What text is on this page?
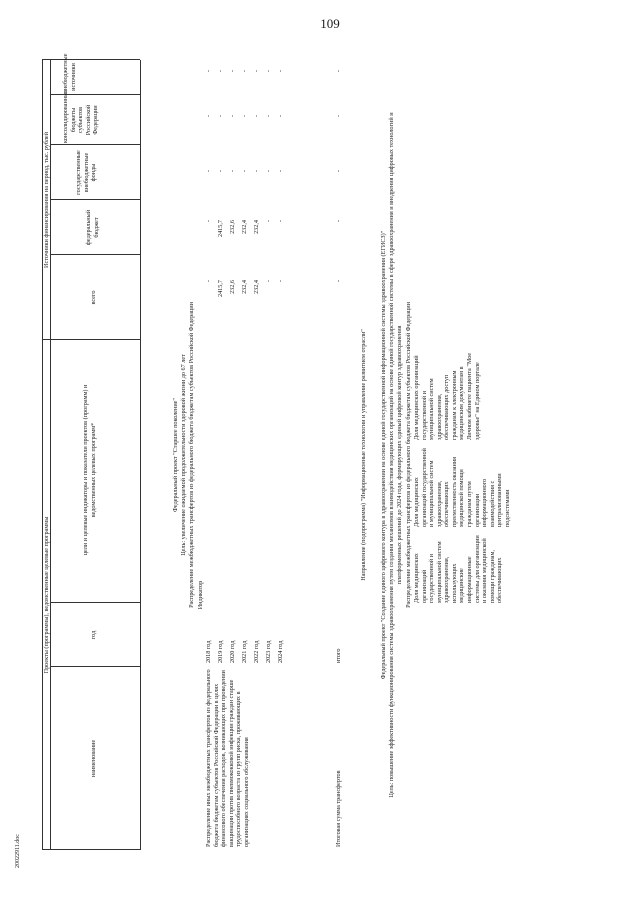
109
20022911.doc
Проекты (программы), ведомственные целевые программы
Источники финансирования на период, тыс. рублей
наименование
год
цели и целевые индикаторы и показатели проектов (программ) и ведомственных целевых программ*
всего
федеральный бюджет
государственные внебюджетные фонды
консолидированные бюджеты субъектов Российской Федерации
внебюджетные источники
Федеральный проект "Старшее поколение" Цель: увеличение ожидаемой продолжительности здоровой жизни до 67 лет Распределение межбюджетных трансфертов из федерального бюджета бюджетам субъектов Российской Федерации Индикатор
Распределение иных межбюджетных трансфертов из федерального бюджета бюджетам субъектов Российской Федерации в целях финансового обеспечения расходов, возникающих при проведении вакцинации против пневмококковой инфекции граждан старше трудоспособного возраста из групп риска, проживающих в организациях социального обслуживания
2018 год
-
-
-
-
-
2019 год
2415,7
2415,7
-
-
-
2020 год
232,6
232,6
-
-
-
2021 год
232,4
232,4
-
-
-
2022 год
232,4
232,4
-
-
-
2023 год
-
-
-
-
-
2024 год
-
-
-
-
-
Итоговая сумма трансфертов
итого
-
-
-
-
-
Направление (подпрограмма) "Информационные технологии и управление развитием отрасли" Федеральный проект "Создание единого цифрового контура в здравоохранении на основе единой государственной информационной системы здравоохранения (ЕГИСЗ)" Цель: повышение эффективности функционирования системы здравоохранения путем создания механизмов взаимодействия медицинских организаций на основе единой государственной системы в сфере здравоохранения и внедрения цифровых технологий и платформенных решений до 2024 года, формирующих единый цифровой контур здравоохранения Распределение межбюджетных трансфертов из федерального бюджета бюджетам субъектов Российской Федерации Доля медицинских организаций государственной и муниципальной систем здравоохранения, использующих медицинские информационные системы для организации и оказания медицинской помощи гражданам, обеспечивающих
Доля медицинских организаций государственной и муниципальной систем здравоохранения, обеспечивающих преемственность оказания медицинской помощи гражданам путем организации информационного взаимодействия с централизованными подсистемами
Доля медицинских организаций государственной и муниципальной систем здравоохранения, обеспечивающих доступ гражданам к электронным медицинским документам в Личном кабинете пациента "Мое здоровье" на Едином портале
